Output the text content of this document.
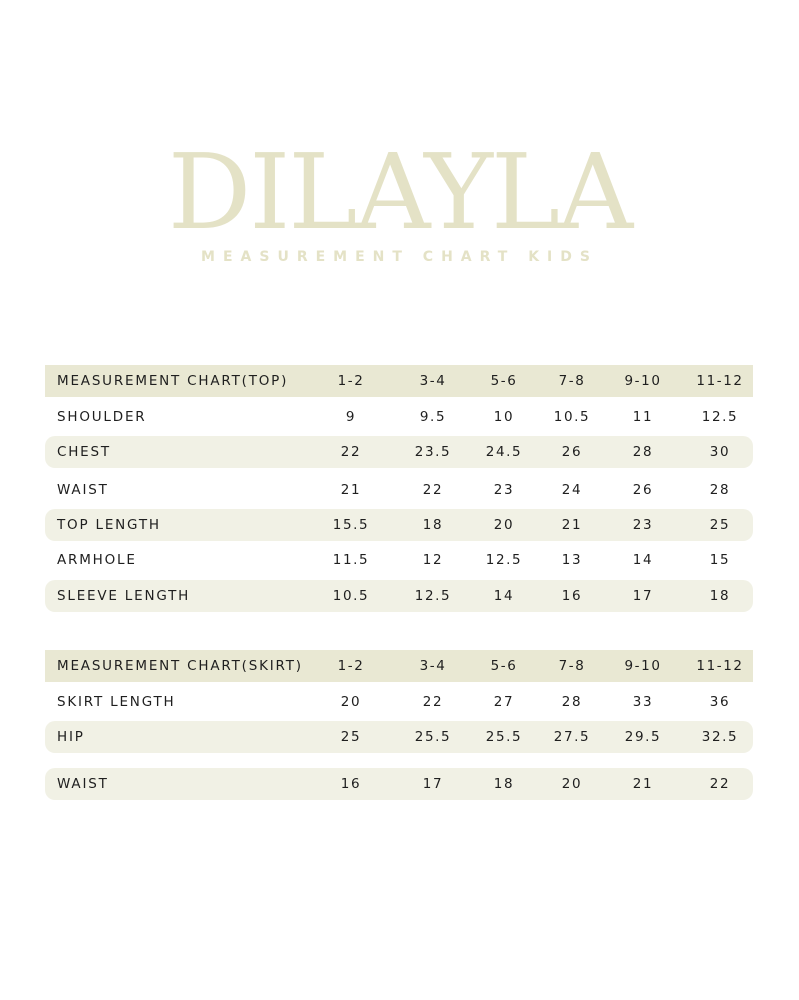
DILAYLA
MEASUREMENT CHART KIDS
MEASUREMENT CHART(TOP)	1-2	3-4	5-6	7-8	9-10	11-12
SHOULDER	9	9.5	10	10.5	11	12.5
CHEST	22	23.5	24.5	26	28	30
WAIST	21	22	23	24	26	28
TOP LENGTH	15.5	18	20	21	23	25
ARMHOLE	11.5	12	12.5	13	14	15
SLEEVE LENGTH	10.5	12.5	14	16	17	18
MEASUREMENT CHART(SKIRT)	1-2	3-4	5-6	7-8	9-10	11-12
SKIRT LENGTH	20	22	27	28	33	36
HIP	25	25.5	25.5	27.5	29.5	32.5
WAIST	16	17	18	20	21	22
